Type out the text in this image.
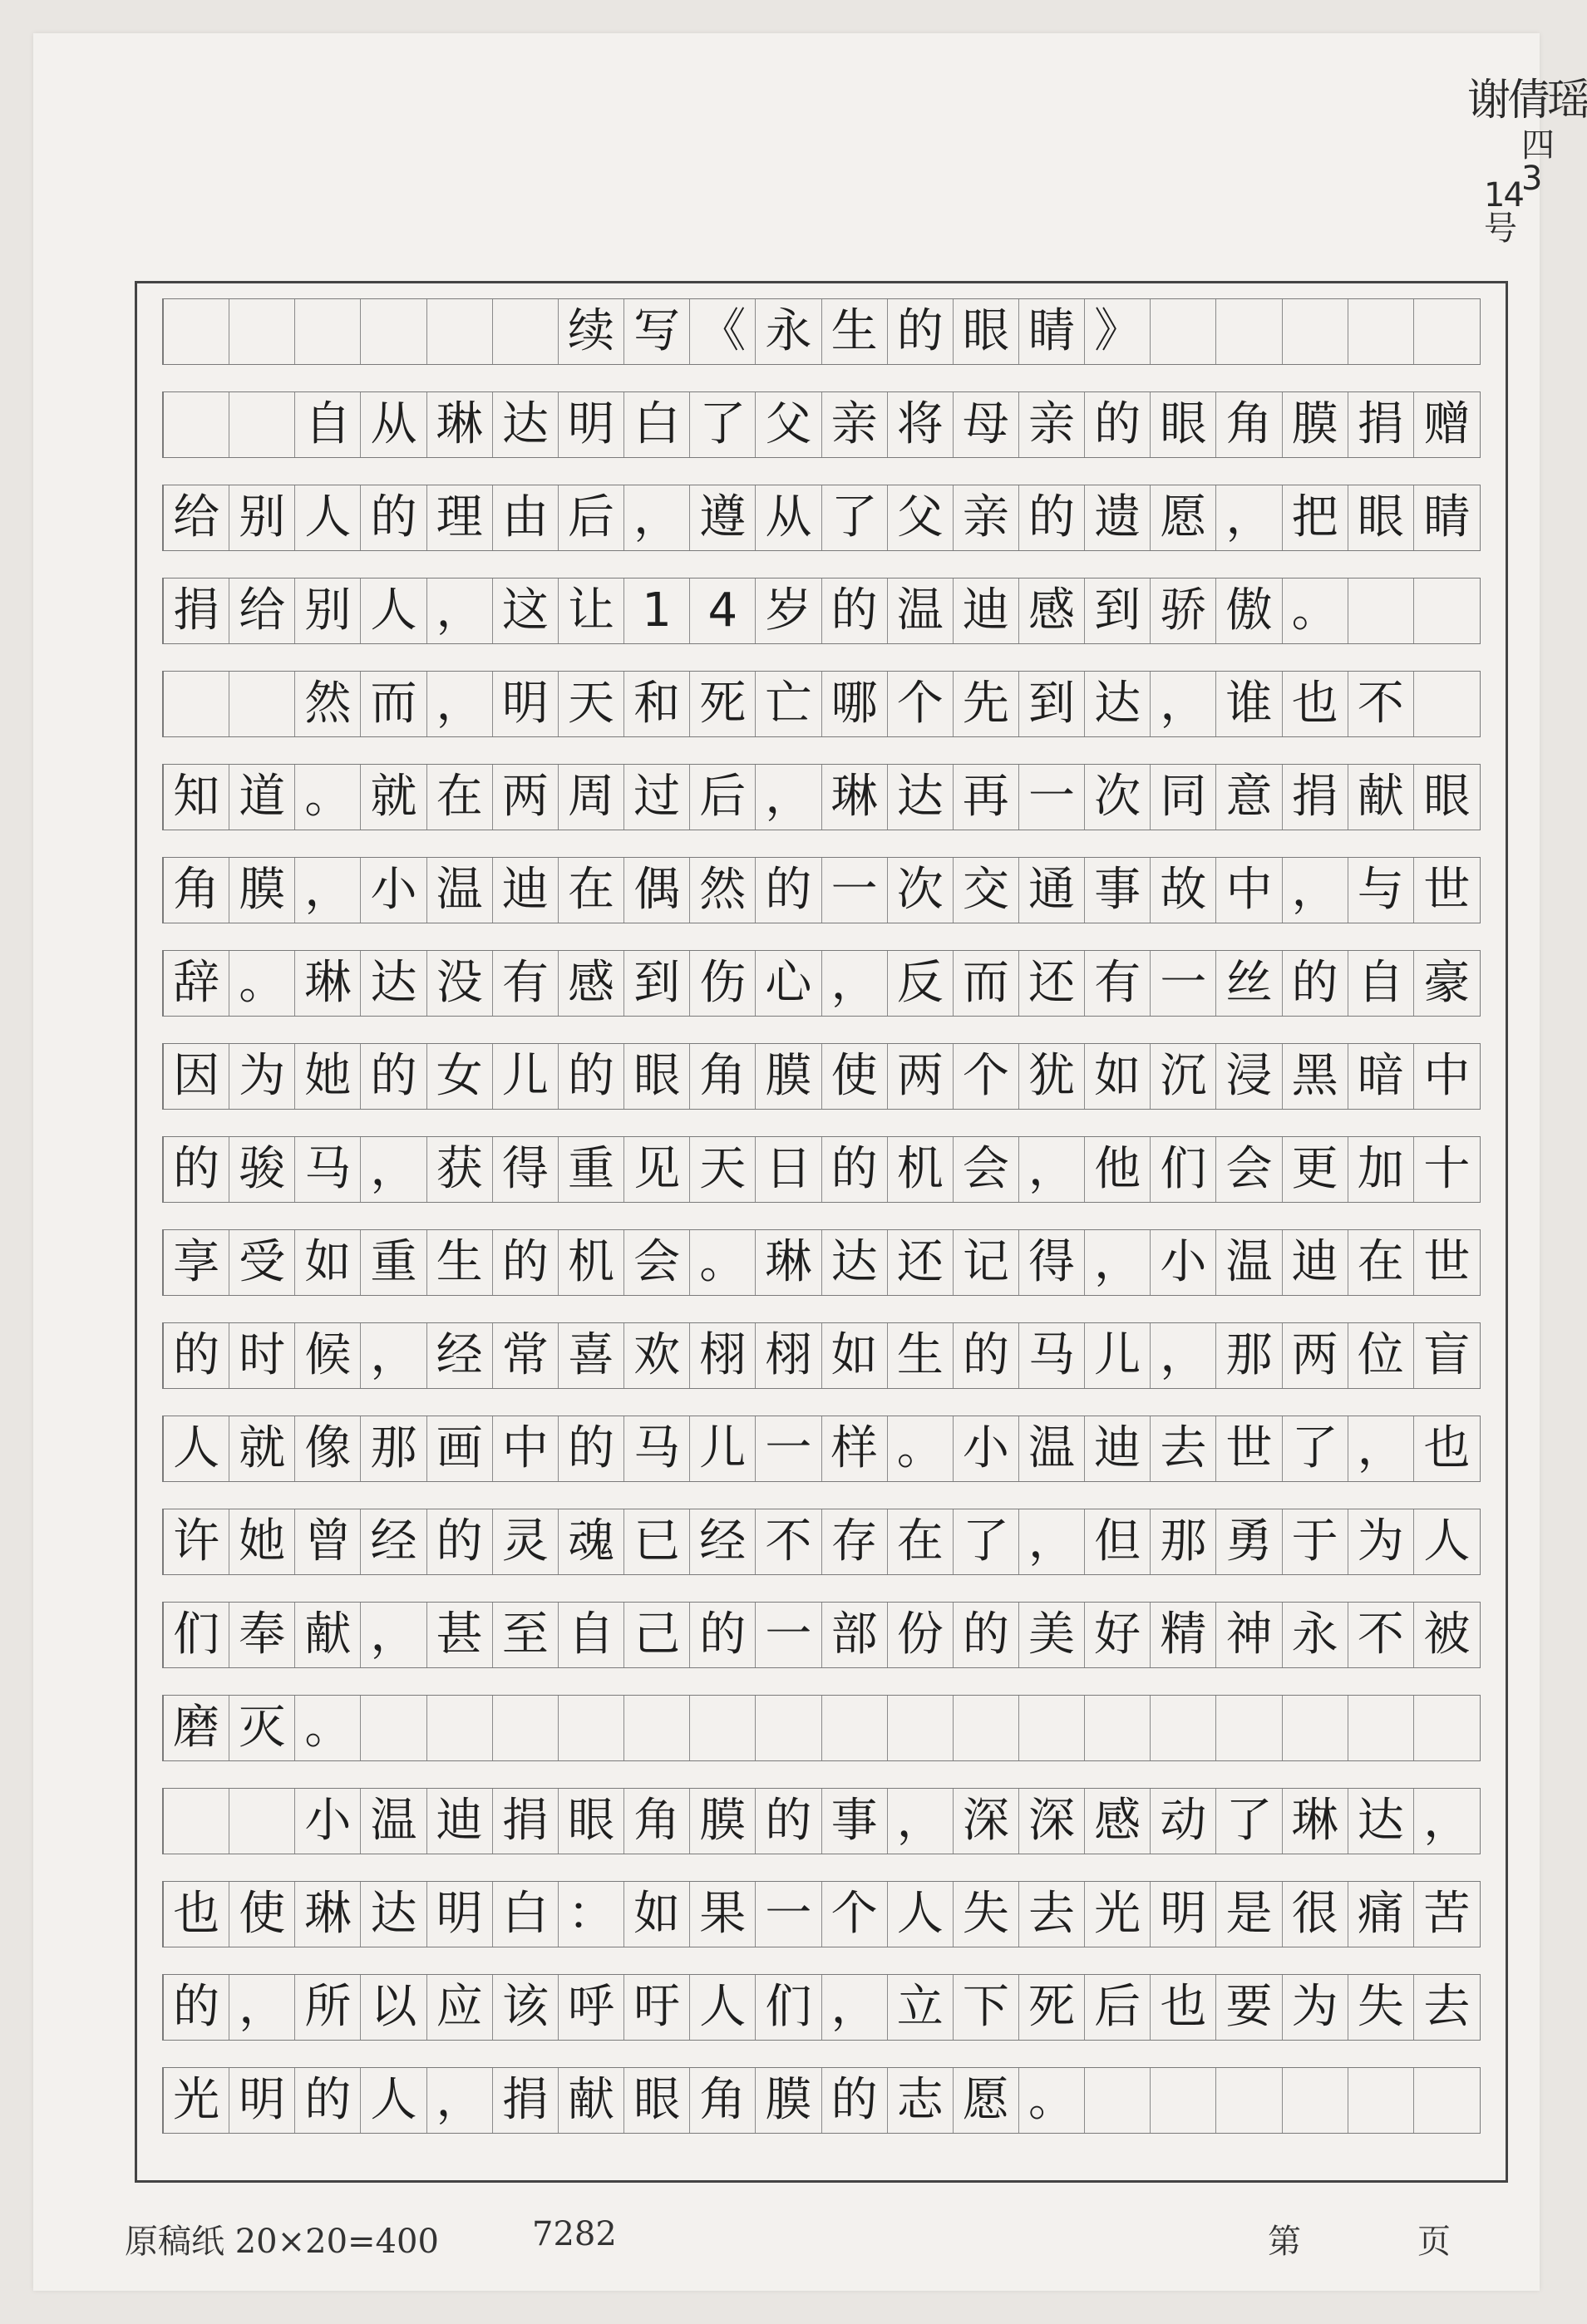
谢倩瑶
四3
14号
续 写 《 永 生 的 眼 睛 》
自 从 琳 达 明 白 了 父 亲 将 母 亲 的 眼 角 膜 捐 赠
给 别 人 的 理 由 后 ， 遵 从 了 父 亲 的 遗 愿 ， 把 眼 睛
捐 给 别 人 ， 这 让 1 4 岁 的 温 迪 感 到 骄 傲 。
然 而 ， 明 天 和 死 亡 哪 个 先 到 达 ， 谁 也 不
知 道 。 就 在 两 周 过 后 ， 琳 达 再 一 次 同 意 捐 献 眼
角 膜 ， 小 温 迪 在 偶 然 的 一 次 交 通 事 故 中 ， 与 世
辞 。 琳 达 没 有 感 到 伤 心 ， 反 而 还 有 一 丝 的 自 豪
因 为 她 的 女 儿 的 眼 角 膜 使 两 个 犹 如 沉 浸 黑 暗 中
的 骏 马 ， 获 得 重 见 天 日 的 机 会 ， 他 们 会 更 加 十
享 受 如 重 生 的 机 会 。 琳 达 还 记 得 ， 小 温 迪 在 世
的 时 候 ， 经 常 喜 欢 栩 栩 如 生 的 马 儿 ， 那 两 位 盲
人 就 像 那 画 中 的 马 儿 一 样 。 小 温 迪 去 世 了 ， 也
许 她 曾 经 的 灵 魂 已 经 不 存 在 了 ， 但 那 勇 于 为 人
们 奉 献 ， 甚 至 自 己 的 一 部 份 的 美 好 精 神 永 不 被
磨 灭 。
小 温 迪 捐 眼 角 膜 的 事 ， 深 深 感 动 了 琳 达 ，
也 使 琳 达 明 白 ： 如 果 一 个 人 失 去 光 明 是 很 痛 苦
的 ， 所 以 应 该 呼 吁 人 们 ， 立 下 死 后 也 要 为 失 去
光 明 的 人 ， 捐 献 眼 角 膜 的 志 愿 。
原稿纸 20×20=400	7282	第	页
